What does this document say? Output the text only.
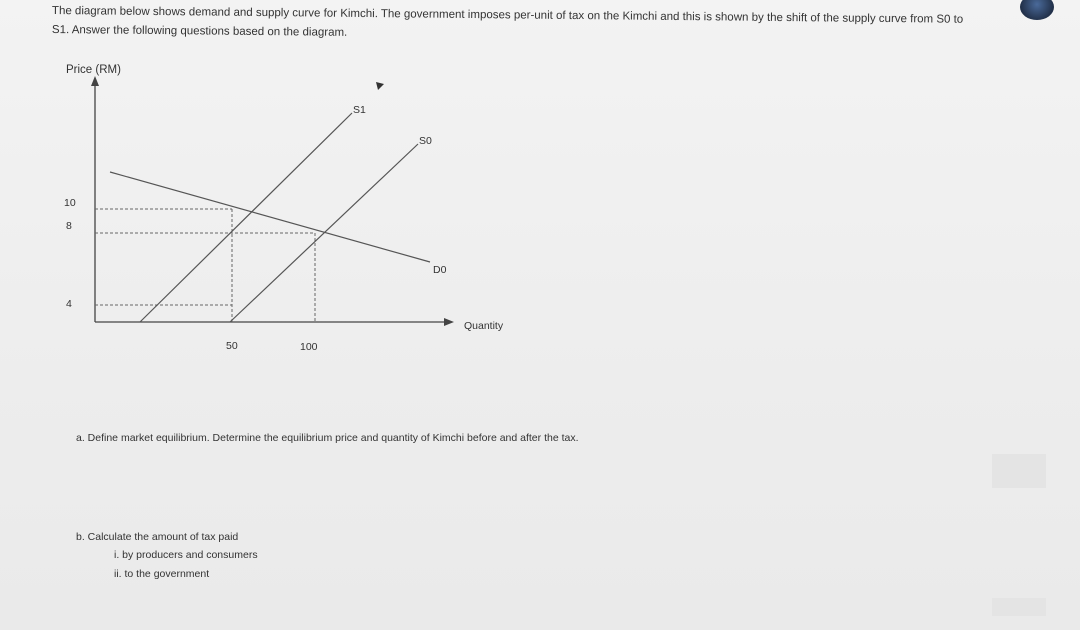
The diagram below shows demand and supply curve for Kimchi. The government imposes per-unit of tax on the Kimchi and this is shown by the shift of the supply curve from S0 to
S1. Answer the following questions based on the diagram.
Price (RM)
Quantity
10
8
4
50	100
D0
S0
S1
a. Define market equilibrium. Determine the equilibrium price and quantity of Kimchi before and after the tax.
b. Calculate the amount of tax paid
i. by producers and consumers
ii. to the government
